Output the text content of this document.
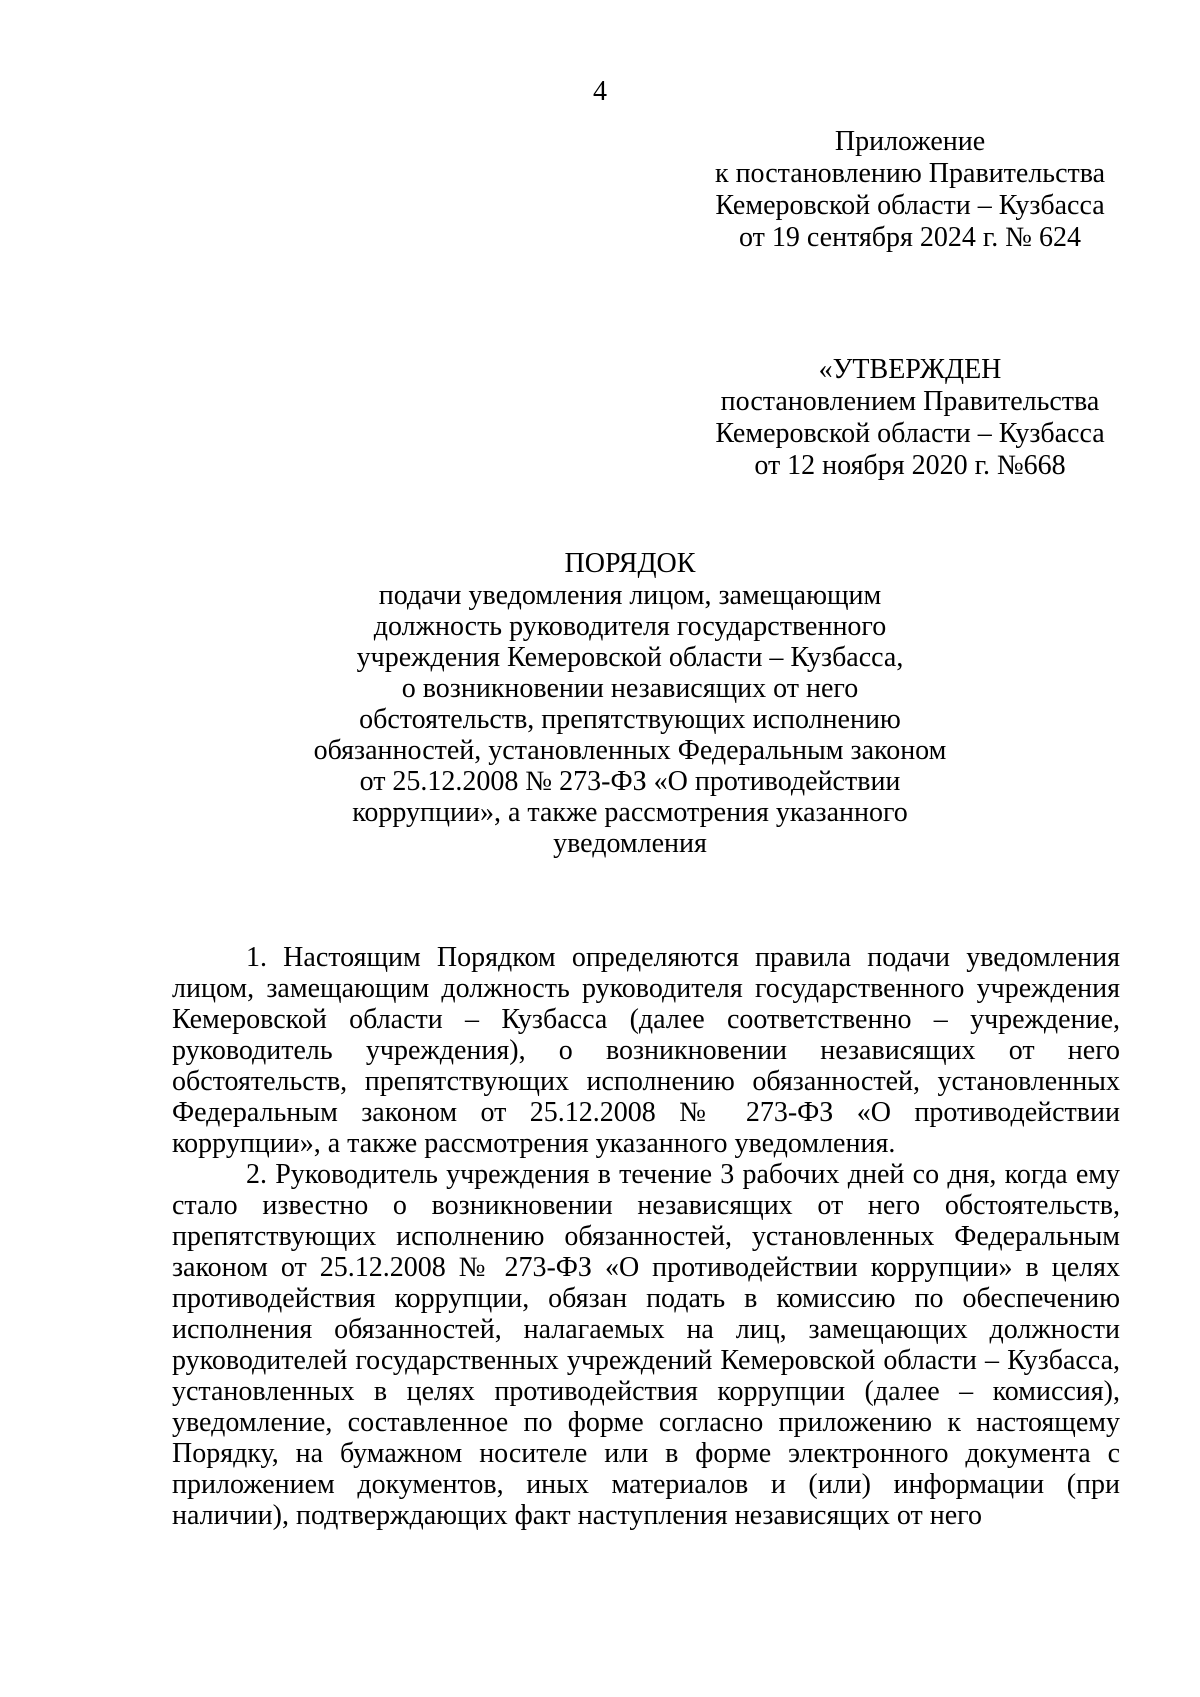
4
Приложение
к постановлению Правительства
Кемеровской области – Кузбасса
от 19 сентября 2024 г. № 624
«УТВЕРЖДЕН
постановлением Правительства
Кемеровской области – Кузбасса
от 12 ноября 2020 г. №668
ПОРЯДОК
подачи уведомления лицом, замещающим
должность руководителя государственного
учреждения Кемеровской области – Кузбасса,
о возникновении независящих от него
обстоятельств, препятствующих исполнению
обязанностей, установленных Федеральным законом
от 25.12.2008 № 273-ФЗ «О противодействии
коррупции», а также рассмотрения указанного
уведомления

1. Настоящим Порядком определяются правила подачи уведомления лицом, замещающим должность руководителя государственного учреждения Кемеровской области – Кузбасса (далее соответственно – учреждение, руководитель учреждения), о возникновении независящих от него обстоятельств, препятствующих исполнению обязанностей, установленных Федеральным законом от 25.12.2008 № 273-ФЗ «О противодействии коррупции», а также рассмотрения указанного уведомления.

2. Руководитель учреждения в течение 3 рабочих дней со дня, когда ему стало известно о возникновении независящих от него обстоятельств, препятствующих исполнению обязанностей, установленных Федеральным законом от 25.12.2008 № 273-ФЗ «О противодействии коррупции» в целях противодействия коррупции, обязан подать в комиссию по обеспечению исполнения обязанностей, налагаемых на лиц, замещающих должности руководителей государственных учреждений Кемеровской области – Кузбасса, установленных в целях противодействия коррупции (далее – комиссия), уведомление, составленное по форме согласно приложению к настоящему Порядку, на бумажном носителе или в форме электронного документа с приложением документов, иных материалов и (или) информации (при наличии), подтверждающих факт наступления независящих от него
